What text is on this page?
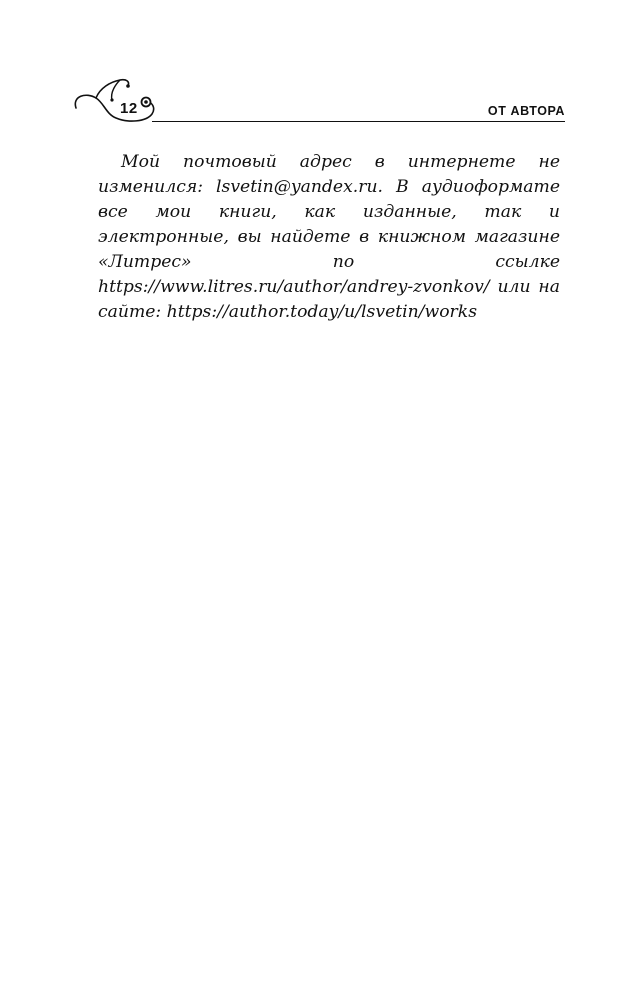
12	ОТ АВТОРА

Мой почтовый адрес в интернете не изменился: lsvetin@yandex.ru. В аудиоформате все мои книги, как изданные, так и электронные, вы найдете в книжном магазине «Литрес» по ссылке https://www.litres.ru/author/andrey-zvonkov/ или на сайте: https://author.today/u/lsvetin/works
